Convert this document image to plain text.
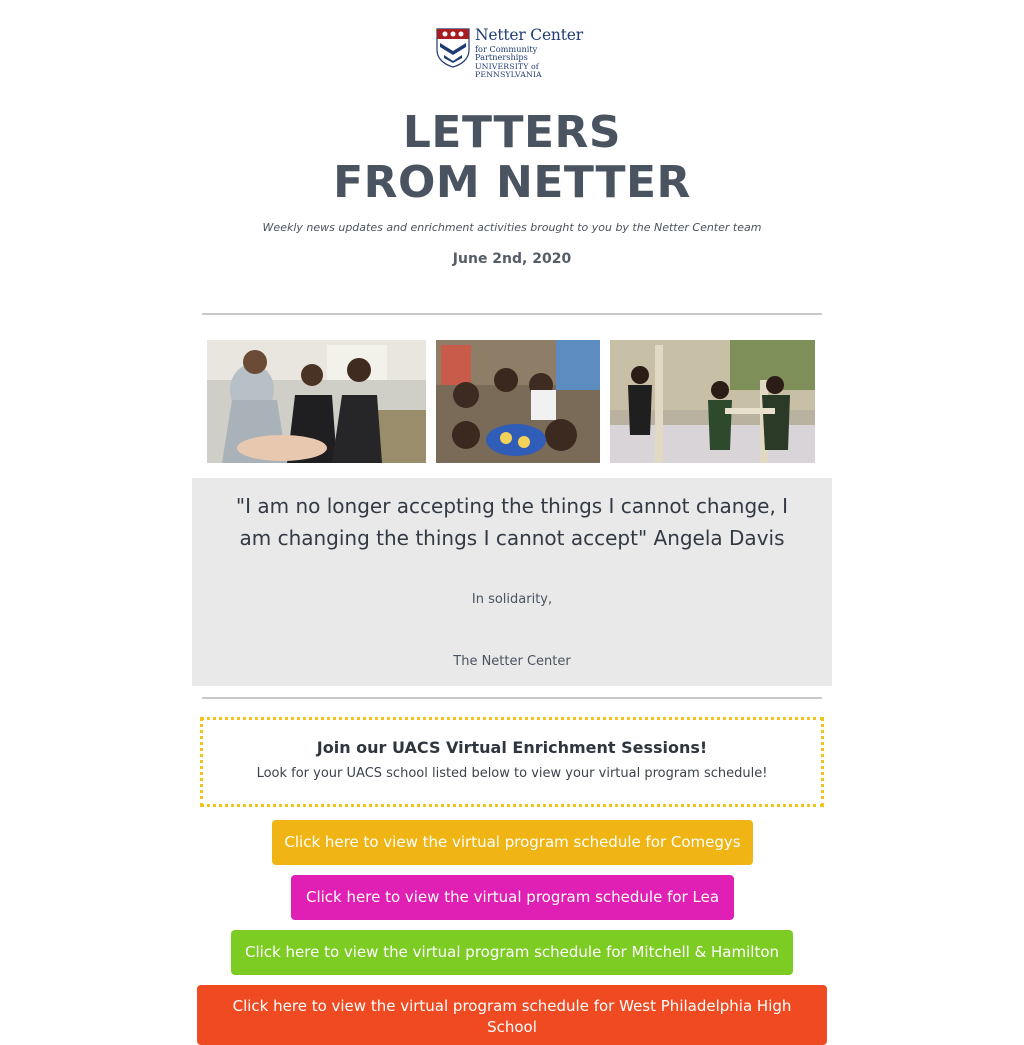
Netter Center
for Community Partnerships
UNIVERSITY of PENNSYLVANIA
LETTERS
FROM NETTER
Weekly news updates and enrichment activities brought to you by the Netter Center team
June 2nd, 2020
"I am no longer accepting the things I cannot change, I am changing the things I cannot accept" Angela Davis
In solidarity,
The Netter Center
Join our UACS Virtual Enrichment Sessions!
Look for your UACS school listed below to view your virtual program schedule!
Click here to view the virtual program schedule for Comegys
Click here to view the virtual program schedule for Lea
Click here to view the virtual program schedule for Mitchell & Hamilton
Click here to view the virtual program schedule for West Philadelphia High School
